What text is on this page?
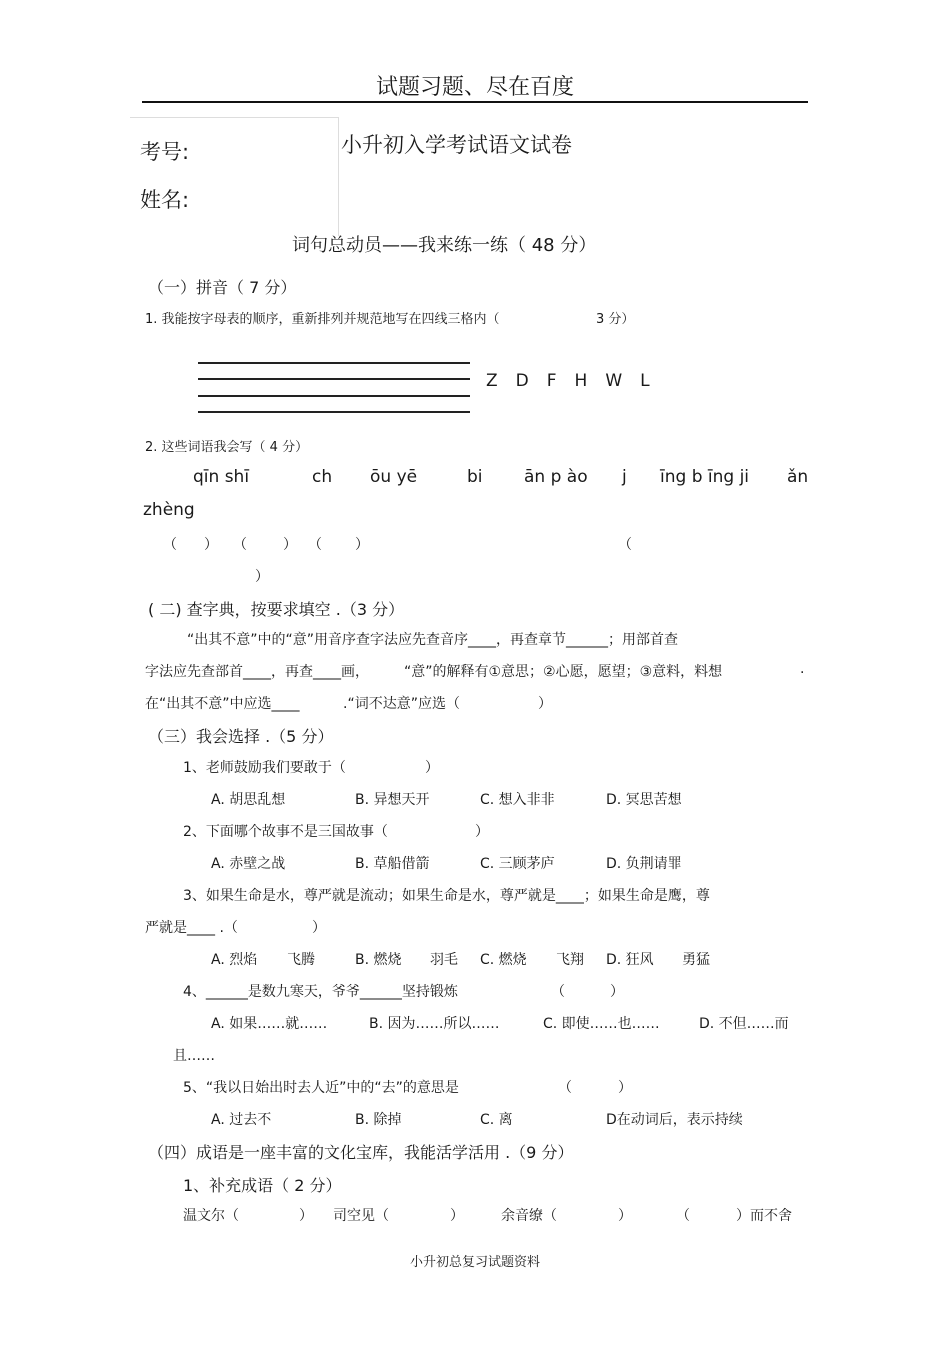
试题习题、尽在百度
考号:
姓名:
小升初入学考试语文试卷
词句总动员——我来练一练（ 48 分）
（一）拼音（ 7 分）
1. 我能按字母表的顺序，重新排列并规范地写在四线三格内（	3 分）
Z D F H W L
2. 这些词语我会写（ 4 分）
qīn shī	ch ōu yē	bi ān p ào j īng b īng ji ǎn
zhèng
（ ） （	） （ ）	（
）
( 二) 查字典，按要求填空 .（3 分）
“出其不意”中的“意”用音序查字法应先查音序____，再查章节______；用部首查
字法应先查部首____，再查____画，	“意”的解释有①意思；②心愿，愿望；③意料，料想	.
在“出其不意”中应选____	.“词不达意”应选（	）
（三）我会选择 .（5 分）
1、老师鼓励我们要敢于（	）
A. 胡思乱想	B. 异想天开	C. 想入非非	D. 冥思苦想
2、下面哪个故事不是三国故事（	）
A. 赤壁之战	B. 草船借箭	C. 三顾茅庐	D. 负荆请罪
3、如果生命是水，尊严就是流动；如果生命是水，尊严就是____；如果生命是鹰，尊
严就是____ .（	）
A. 烈焰 飞腾	B. 燃烧 羽毛 C. 燃烧 飞翔 D. 狂风 勇猛
4、______是数九寒天，爷爷______坚持锻炼	（	）
A. 如果……就……	B. 因为……所以……	C. 即使……也……	D. 不但……而
且……
5、“我以日始出时去人近”中的“去”的意思是	（	）
A. 过去不	B. 除掉	C. 离	D在动词后，表示持续
（四）成语是一座丰富的文化宝库，我能活学活用 .（9 分）
1、补充成语（ 2 分）
温文尔（	） 司空见（	）	余音缭（	）	（	）而不舍
小升初总复习试题资料
